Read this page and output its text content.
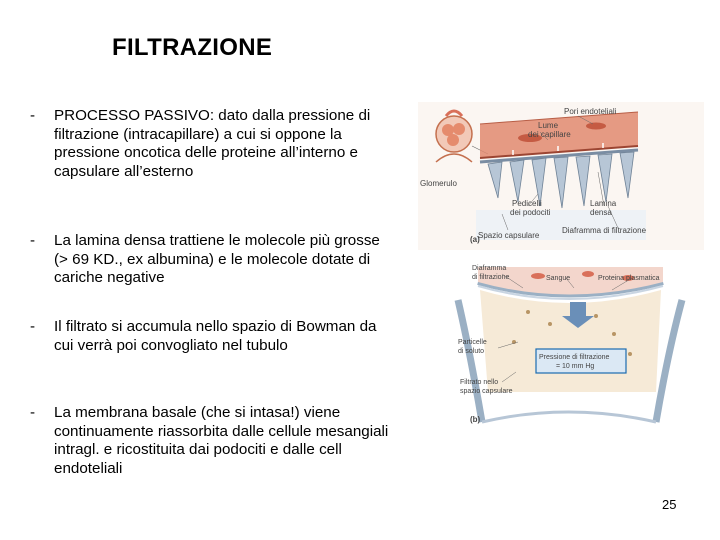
FILTRAZIONE
- PROCESSO PASSIVO: dato dalla pressione di filtrazione (intracapillare) a cui si oppone la pressione oncotica delle proteine all’interno e capsulare all’esterno
- La lamina densa trattiene le molecole più grosse (> 69 KD., ex albumina) e le molecole dotate di cariche negative
- Il filtrato si accumula nello spazio di Bowman da cui verrà poi convogliato nel tubulo
- La membrana basale (che si intasa!) viene continuamente riassorbita dalle cellule mesangiali intragl. e ricostituita dai podociti e dalle cell endoteliali
Pori endoteliali
Lume
dei capillare
Glomerulo
Pedicelli
dei podociti
Lamina
densa
Spazio capsulare
Diaframma di filtrazione
(a)
Diaframma
di filtrazione	Sangue	Proteina plasmatica
Particelle
di soluto
Pressione di filtrazione
= 10 mm Hg
Filtrato nello
spazio capsulare
(b)
25
